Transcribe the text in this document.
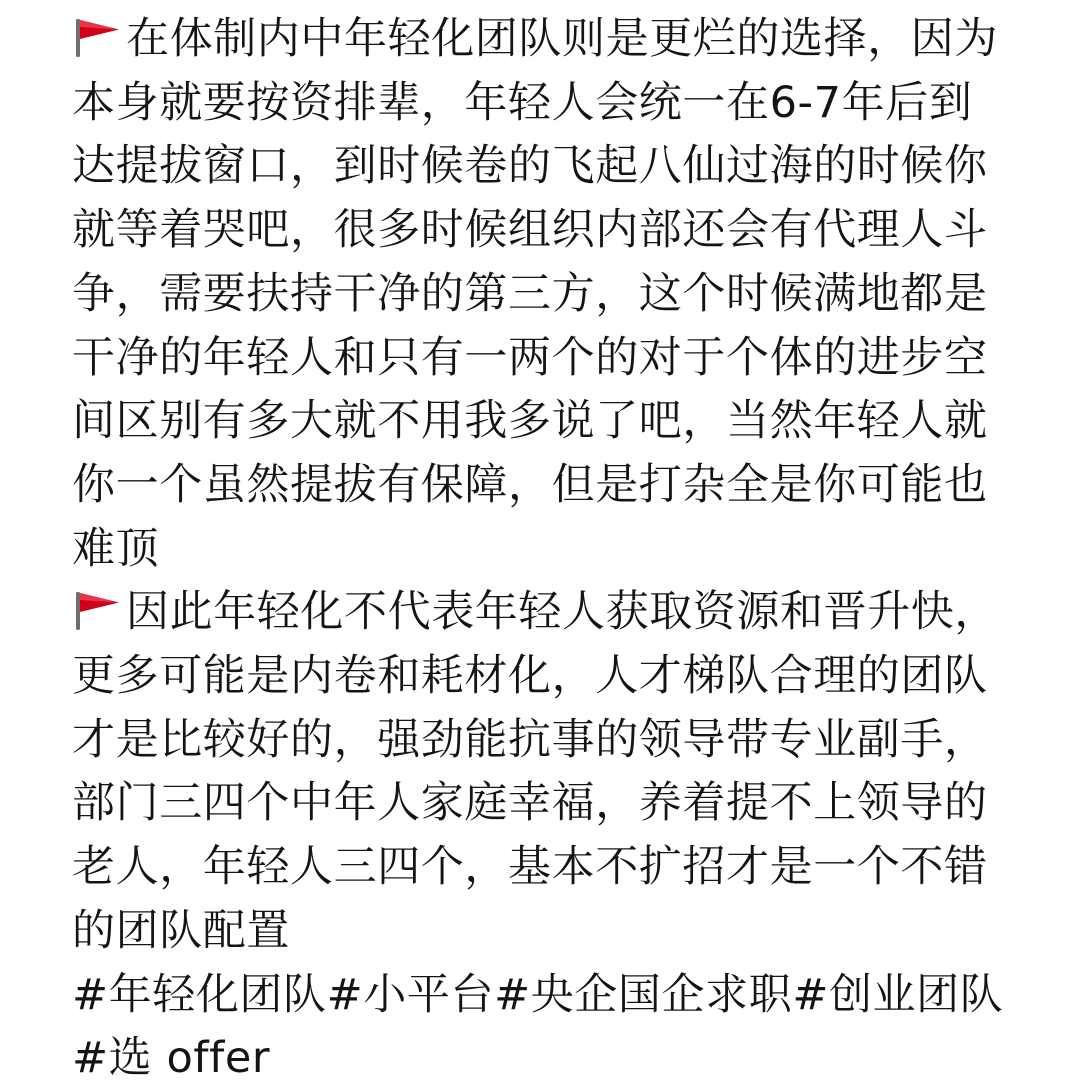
在体制内中年轻化团队则是更烂的选择，因为本身就要按资排辈，年轻人会统一在6-7年后到达提拔窗口，到时候卷的飞起八仙过海的时候你就等着哭吧，很多时候组织内部还会有代理人斗争，需要扶持干净的第三方，这个时候满地都是干净的年轻人和只有一两个的对于个体的进步空间区别有多大就不用我多说了吧，当然年轻人就你一个虽然提拔有保障，但是打杂全是你可能也难顶

因此年轻化不代表年轻人获取资源和晋升快，更多可能是内卷和耗材化，人才梯队合理的团队才是比较好的，强劲能抗事的领导带专业副手，部门三四个中年人家庭幸福，养着提不上领导的老人，年轻人三四个，基本不扩招才是一个不错的团队配置

#年轻化团队#小平台#央企国企求职#创业团队 #选 offer
